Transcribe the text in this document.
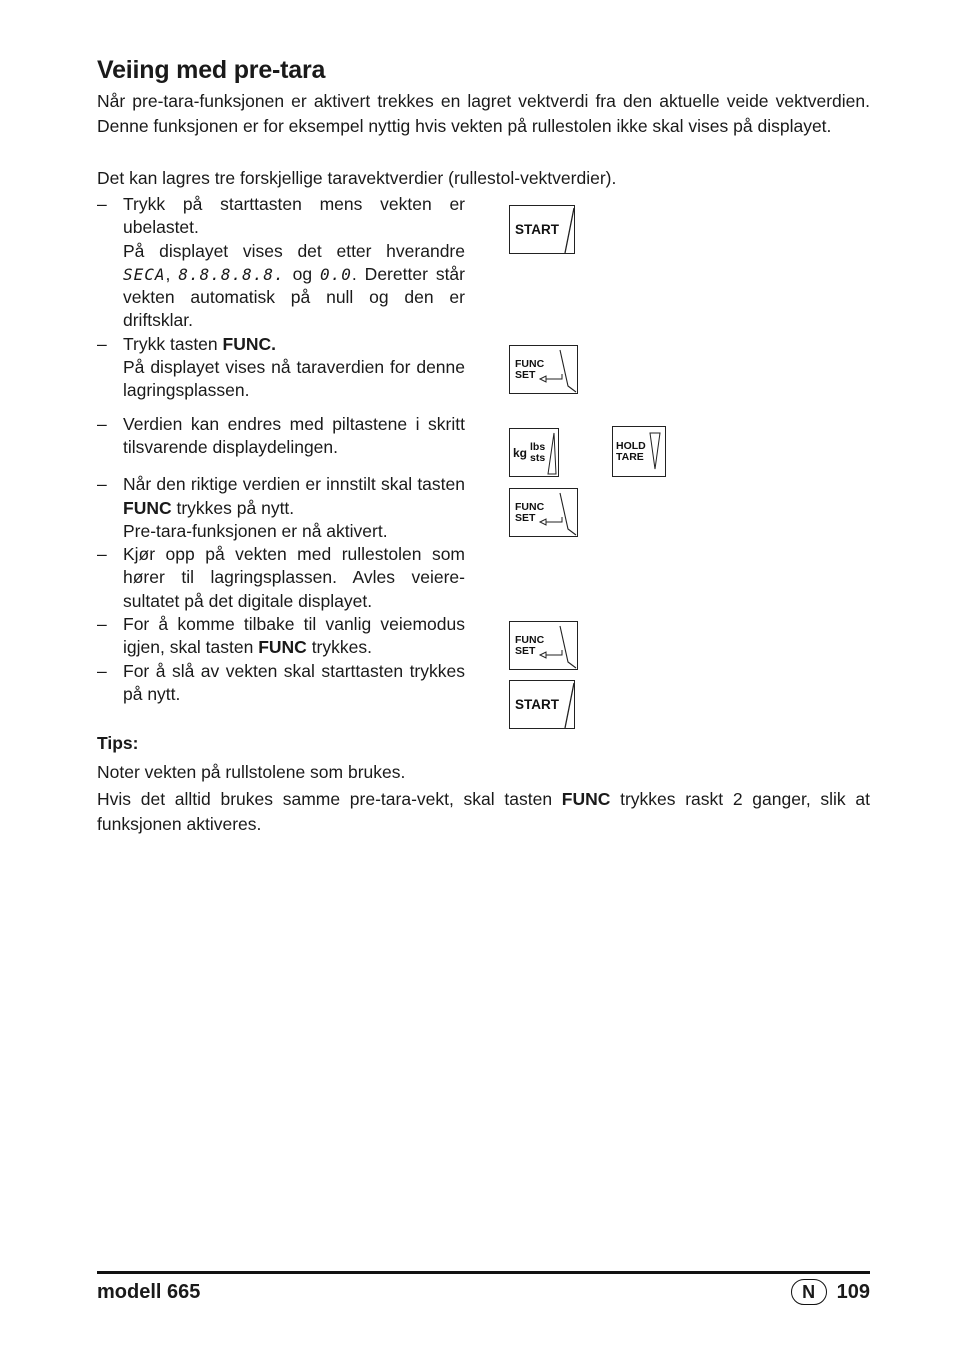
Veiing med pre-tara

Når pre-tara-funksjonen er aktivert trekkes en lagret vektverdi fra den aktuelle veide vektverdien. Denne funksjonen er for eksempel nyttig hvis vekten på rullestolen ikke skal vises på displayet.

Det kan lagres tre forskjellige taravektverdier (rullestol-vektverdier).

– Trykk på starttasten mens vekten er ubelastet.

På displayet vises det etter hverandre SECA, 8.8.8.8.8. og 0.0. Deretter står vekten automatisk på null og den er driftsklar.

– Trykk tasten FUNC.

På displayet vises nå taraverdien for denne lagringsplassen.

– Verdien kan endres med piltastene i skritt tilsvarende displaydelingen.

– Når den riktige verdien er innstilt skal tasten FUNC trykkes på nytt.

Pre-tara-funksjonen er nå aktivert.

– Kjør opp på vekten med rullestolen som hører til lagringsplassen. Avles veieresultatet på det digitale displayet.

– For å komme tilbake til vanlig veiemodus igjen, skal tasten FUNC trykkes.

– For å slå av vekten skal starttasten trykkes på nytt.

START
FUNC
SET
kg lbs
sts
HOLD
TARE
FUNC
SET
FUNC
SET
START

Tips:

Noter vekten på rullstolene som brukes.

Hvis det alltid brukes samme pre-tara-vekt, skal tasten FUNC trykkes raskt 2 ganger, slik at funksjonen aktiveres.

modell 665	N	109
